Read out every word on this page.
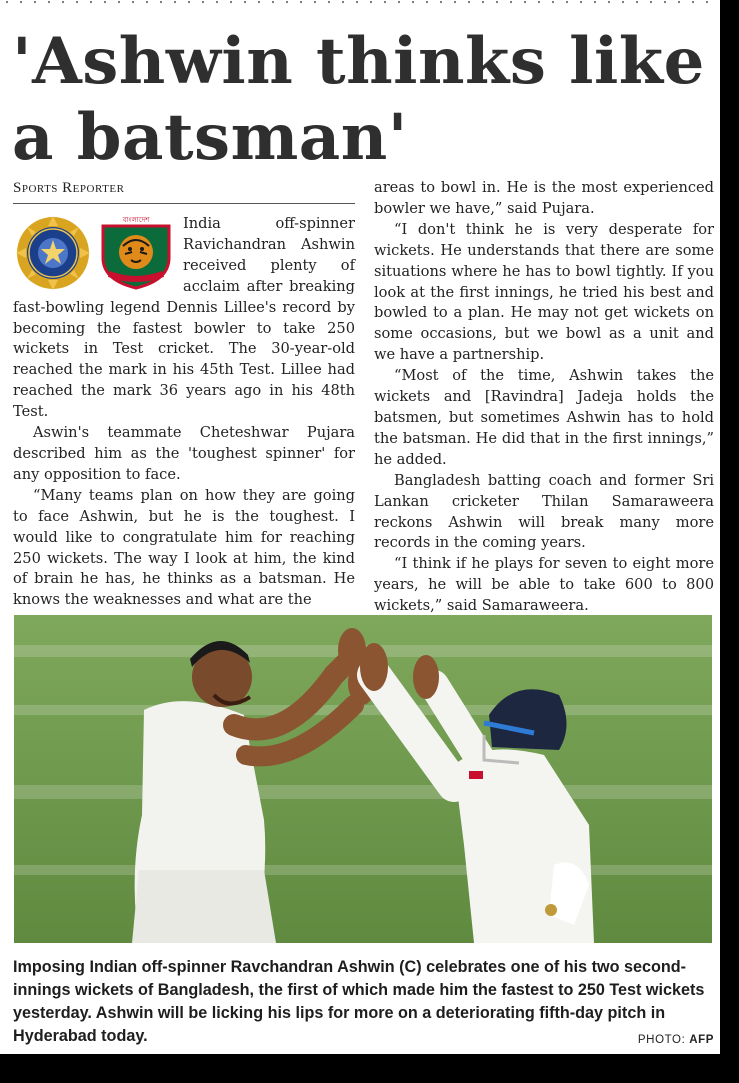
'Ashwin thinks like a batsman'
Sports Reporter
বাংলাদেশ	India off-spinner Ravichandran Ashwin received plenty of acclaim after breaking fast-bowling legend Dennis Lillee's record by becoming the fastest bowler to take 250 wickets in Test cricket. The 30-year-old reached the mark in his 45th Test. Lillee had reached the mark 36 years ago in his 48th Test.

Aswin's teammate Cheteshwar Pujara described him as the 'toughest spinner' for any opposition to face.

“Many teams plan on how they are going to face Ashwin, but he is the toughest. I would like to congratulate him for reaching 250 wickets. The way I look at him, the kind of brain he has, he thinks as a batsman. He knows the weaknesses and what are the

areas to bowl in. He is the most experienced bowler we have,” said Pujara.

“I don't think he is very desperate for wickets. He understands that there are some situations where he has to bowl tightly. If you look at the first innings, he tried his best and bowled to a plan. He may not get wickets on some occasions, but we bowl as a unit and we have a partnership.

“Most of the time, Ashwin takes the wickets and [Ravindra] Jadeja holds the batsmen, but sometimes Ashwin has to hold the batsman. He did that in the first innings,” he added.

Bangladesh batting coach and former Sri Lankan cricketer Thilan Samaraweera reckons Ashwin will break many more records in the coming years.

“I think if he plays for seven to eight more years, he will be able to take 600 to 800 wickets,” said Samaraweera.

Imposing Indian off-spinner Ravchandran Ashwin (C) celebrates one of his two second-innings wickets of Bangladesh, the first of which made him the fastest to 250 Test wickets yesterday. Ashwin will be licking his lips for more on a deteriorating fifth-day pitch in Hyderabad today.	PHOTO: AFP
